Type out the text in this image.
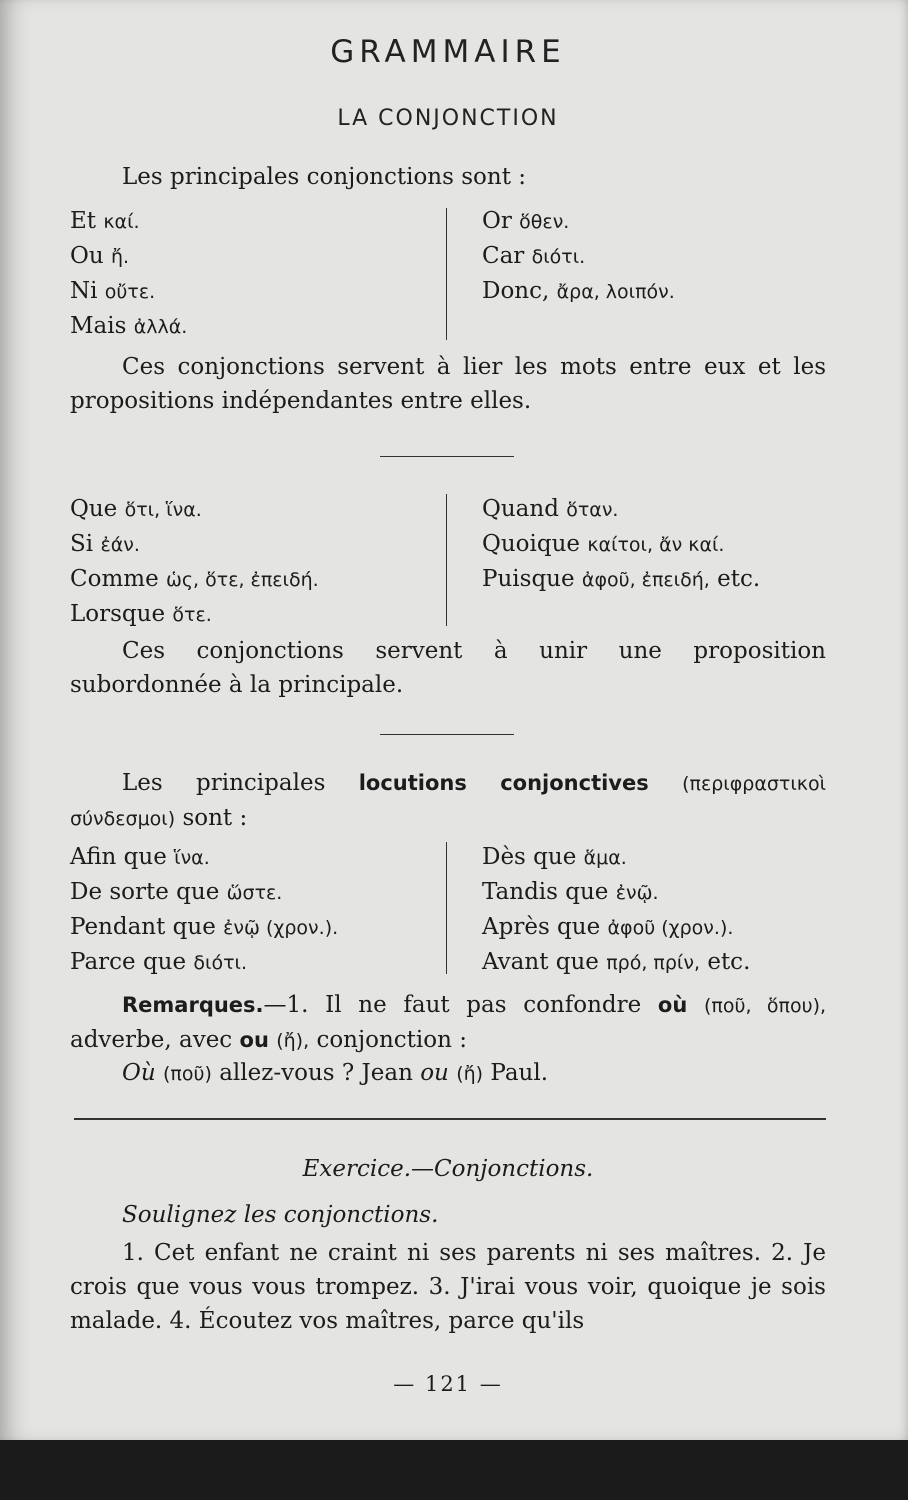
GRAMMAIRE
LA CONJONCTION
Les principales conjonctions sont :
Et καί.
Ou ἤ.
Ni οὔτε.
Mais ἀλλά.
Or ὅθεν.
Car διότι.
Donc, ἄρα, λοιπόν.
Ces conjonctions servent à lier les mots entre eux et les propositions indépendantes entre elles.
Que ὅτι, ἵνα.
Si ἐάν.
Comme ὡς, ὅτε, ἐπειδή.
Lorsque ὅτε.
Quand ὅταν.
Quoique καίτοι, ἄν καί.
Puisque ἀφοῦ, ἐπειδή, etc.
Ces conjonctions servent à unir une proposition subordonnée à la principale.
Les principales locutions conjonctives (περιφραστικοὶ σύνδεσμοι) sont :
Afin que ἵνα.
De sorte que ὥστε.
Pendant que ἐνῷ (χρον.).
Parce que διότι.
Dès que ἅμα.
Tandis que ἐνῷ.
Après que ἀφοῦ (χρον.).
Avant que πρό, πρίν, etc.
Remarques.—1. Il ne faut pas confondre où (ποῦ, ὅπου), adverbe, avec ou (ἤ), conjonction :
Où (ποῦ) allez-vous ? Jean ou (ἤ) Paul.
Exercice.—Conjonctions.
Soulignez les conjonctions.
1. Cet enfant ne craint ni ses parents ni ses maîtres. 2. Je crois que vous vous trompez. 3. J'irai vous voir, quoique je sois malade. 4. Écoutez vos maîtres, parce qu'ils
— 121 —
